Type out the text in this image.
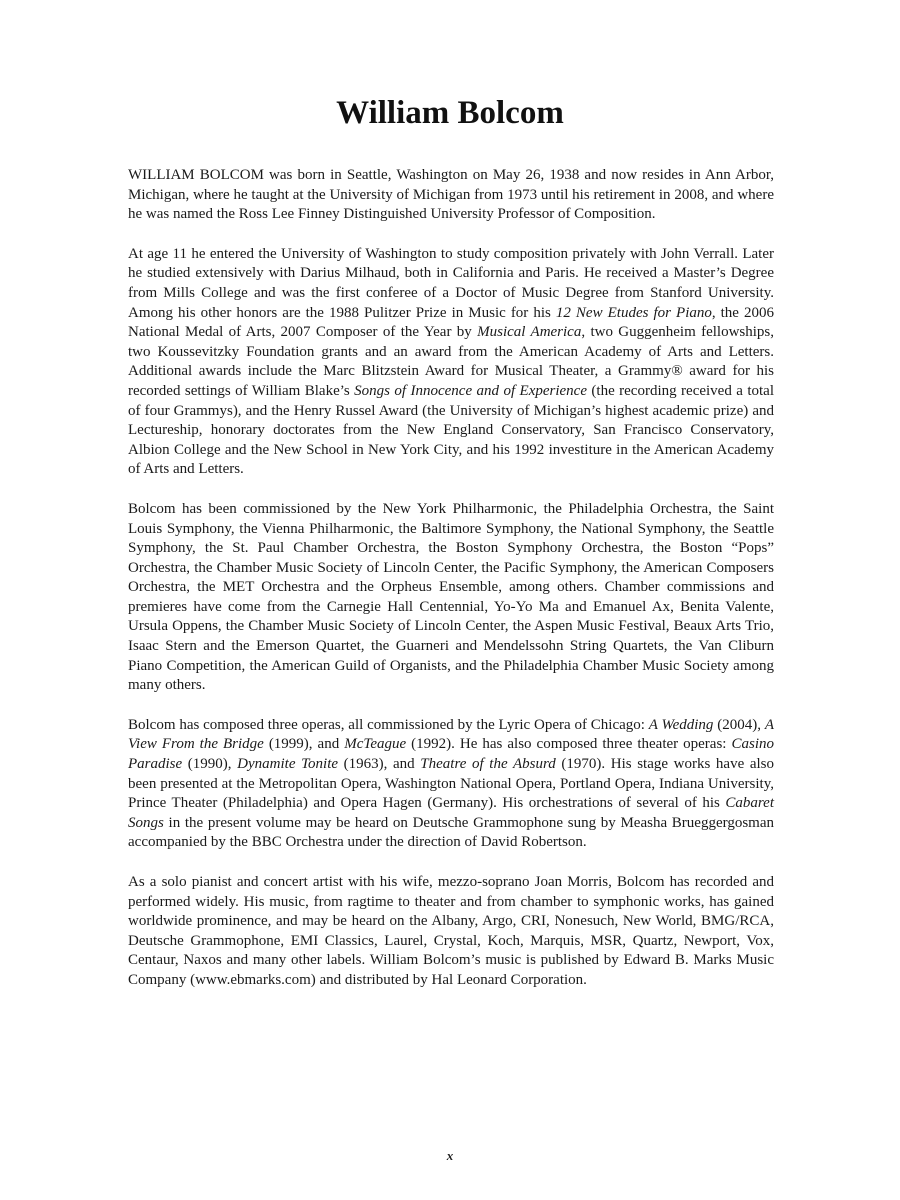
William Bolcom

WILLIAM BOLCOM was born in Seattle, Washington on May 26, 1938 and now resides in Ann Arbor, Michigan, where he taught at the University of Michigan from 1973 until his retirement in 2008, and where he was named the Ross Lee Finney Distinguished University Professor of Composition.

At age 11 he entered the University of Washington to study composition privately with John Verrall. Later he studied extensively with Darius Milhaud, both in California and Paris. He received a Master’s Degree from Mills College and was the first conferee of a Doctor of Music Degree from Stanford University. Among his other honors are the 1988 Pulitzer Prize in Music for his 12 New Etudes for Piano, the 2006 National Medal of Arts, 2007 Composer of the Year by Musical America, two Guggenheim fellowships, two Koussevitzky Foundation grants and an award from the American Academy of Arts and Letters. Additional awards include the Marc Blitzstein Award for Musical Theater, a Grammy® award for his recorded settings of William Blake’s Songs of Innocence and of Experience (the recording received a total of four Grammys), and the Henry Russel Award (the University of Michigan’s highest academic prize) and Lectureship, honorary doctorates from the New England Conservatory, San Francisco Conservatory, Albion College and the New School in New York City, and his 1992 investiture in the American Academy of Arts and Letters.

Bolcom has been commissioned by the New York Philharmonic, the Philadelphia Orchestra, the Saint Louis Symphony, the Vienna Philharmonic, the Baltimore Symphony, the National Symphony, the Seattle Symphony, the St. Paul Chamber Orchestra, the Boston Symphony Orchestra, the Boston “Pops” Orchestra, the Chamber Music Society of Lincoln Center, the Pacific Symphony, the American Composers Orchestra, the MET Orchestra and the Orpheus Ensemble, among others. Chamber commissions and premieres have come from the Carnegie Hall Centennial, Yo-Yo Ma and Emanuel Ax, Benita Valente, Ursula Oppens, the Chamber Music Society of Lincoln Center, the Aspen Music Festival, Beaux Arts Trio, Isaac Stern and the Emerson Quartet, the Guarneri and Mendelssohn String Quartets, the Van Cliburn Piano Competition, the American Guild of Organists, and the Philadelphia Chamber Music Society among many others.

Bolcom has composed three operas, all commissioned by the Lyric Opera of Chicago: A Wedding (2004), A View From the Bridge (1999), and McTeague (1992). He has also composed three theater operas: Casino Paradise (1990), Dynamite Tonite (1963), and Theatre of the Absurd (1970). His stage works have also been presented at the Metropolitan Opera, Washington National Opera, Portland Opera, Indiana University, Prince Theater (Philadelphia) and Opera Hagen (Germany). His orchestrations of several of his Cabaret Songs in the present volume may be heard on Deutsche Grammophone sung by Measha Brueggergosman accompanied by the BBC Orchestra under the direction of David Robertson.

As a solo pianist and concert artist with his wife, mezzo-soprano Joan Morris, Bolcom has recorded and performed widely. His music, from ragtime to theater and from chamber to symphonic works, has gained worldwide prominence, and may be heard on the Albany, Argo, CRI, Nonesuch, New World, BMG/RCA, Deutsche Grammophone, EMI Classics, Laurel, Crystal, Koch, Marquis, MSR, Quartz, Newport, Vox, Centaur, Naxos and many other labels. William Bolcom’s music is published by Edward B. Marks Music Company (www.ebmarks.com) and distributed by Hal Leonard Corporation.

x
